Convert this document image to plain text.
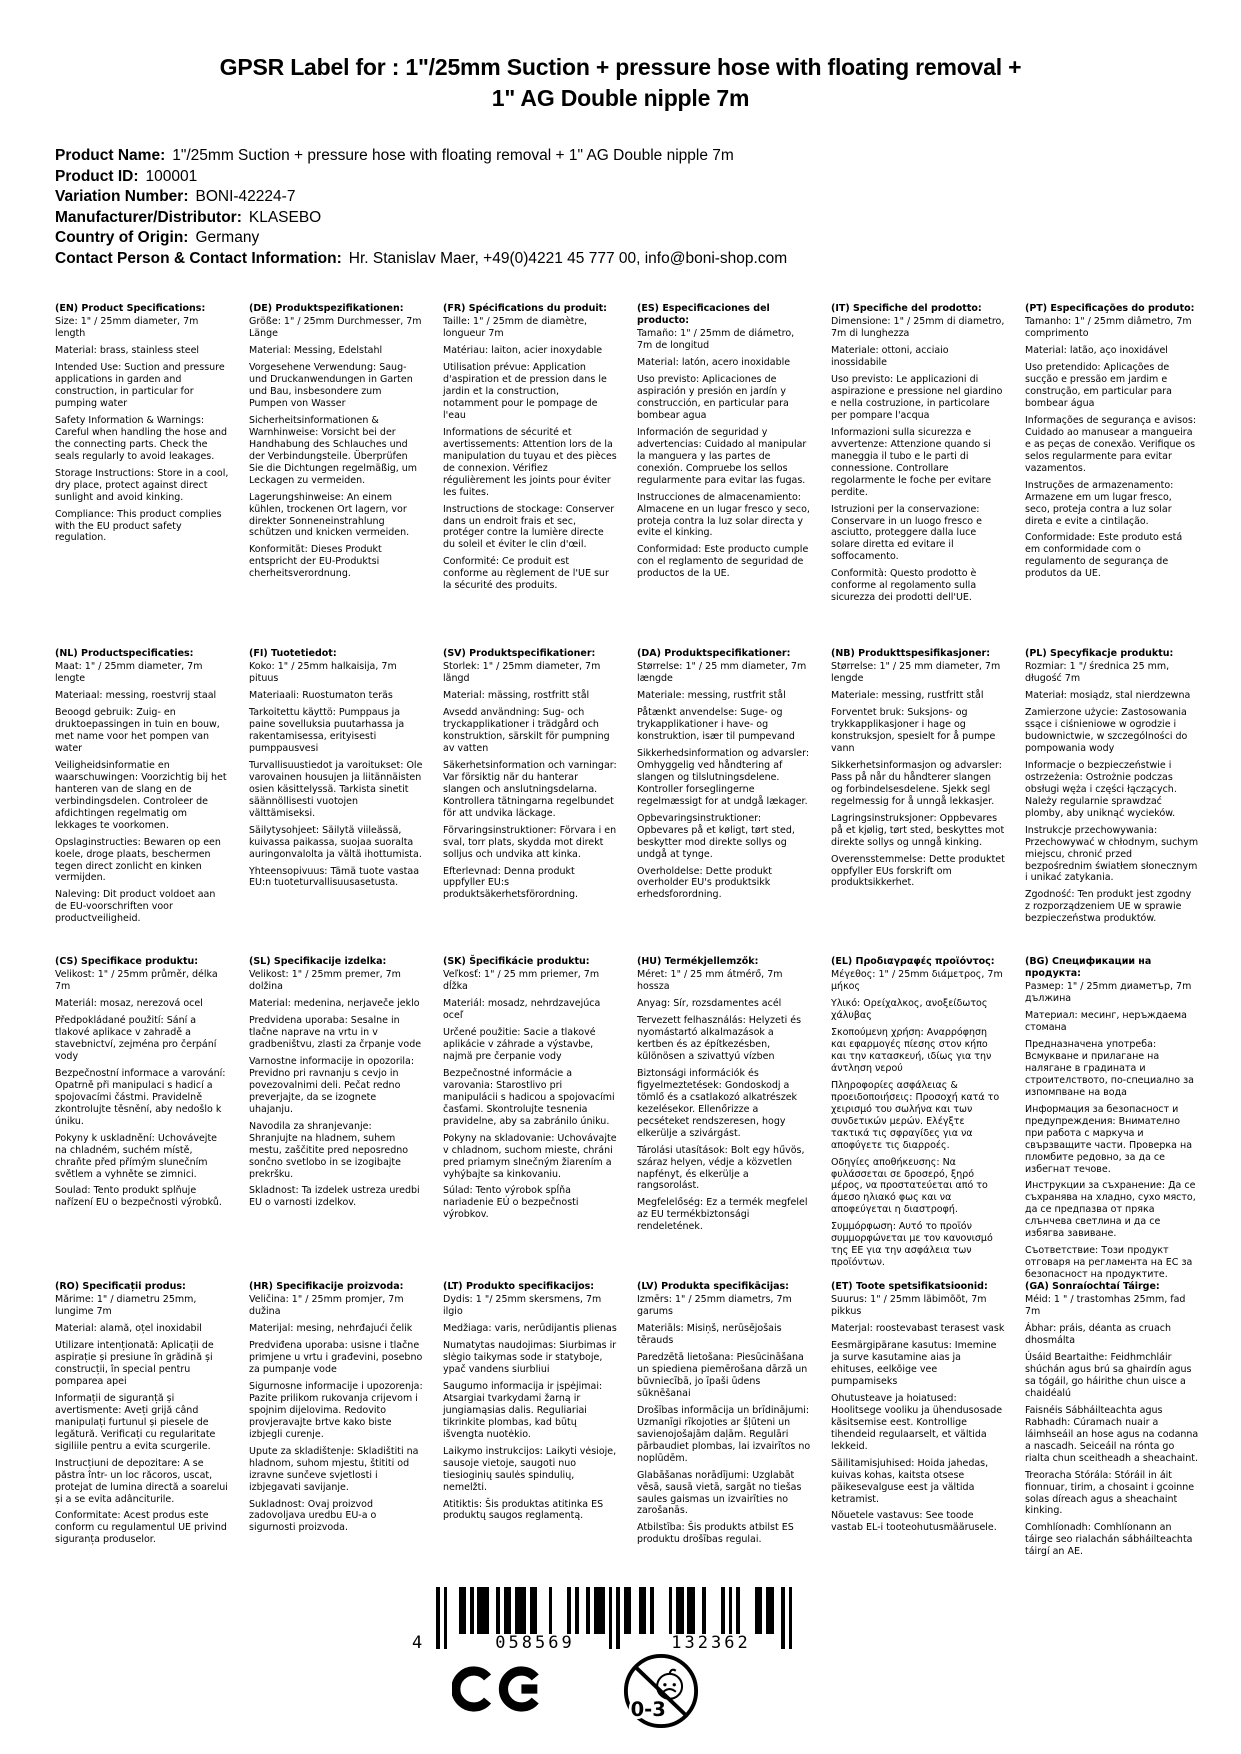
GPSR Label for : 1"/25mm Suction + pressure hose with floating removal + 1" AG Double nipple 7m
Product Name: 1"/25mm Suction + pressure hose with floating removal + 1" AG Double nipple 7m
Product ID: 100001
Variation Number: BONI-42224-7
Manufacturer/Distributor: KLASEBO
Country of Origin: Germany
Contact Person & Contact Information: Hr. Stanislav Maer, +49(0)4221 45 777 00, info@boni-shop.com

(EN) Product Specifications:

Size: 1" / 25mm diameter, 7m length

Material: brass, stainless steel

Intended Use: Suction and pressure applications in garden and construction, in particular for pumping water

Safety Information & Warnings: Careful when handling the hose and the connecting parts. Check the seals regularly to avoid leakages.

Storage Instructions: Store in a cool, dry place, protect against direct sunlight and avoid kinking.

Compliance: This product complies with the EU product safety regulation.

(DE) Produktspezifikationen:

Größe: 1" / 25mm Durchmesser, 7m Länge

Material: Messing, Edelstahl

Vorgesehene Verwendung: Saug- und Druckanwendungen in Garten und Bau, insbesondere zum Pumpen von Wasser

Sicherheitsinformationen & Warnhinweise: Vorsicht bei der Handhabung des Schlauches und der Verbindungsteile. Überprüfen Sie die Dichtungen regelmäßig, um Leckagen zu vermeiden.

Lagerungshinweise: An einem kühlen, trockenen Ort lagern, vor direkter Sonneneinstrahlung schützen und knicken vermeiden.

Konformität: Dieses Produkt entspricht der EU-Produktsi cherheitsverordnung.

(FR) Spécifications du produit:

Taille: 1" / 25mm de diamètre, longueur 7m

Matériau: laiton, acier inoxydable

Utilisation prévue: Application d'aspiration et de pression dans le jardin et la construction, notamment pour le pompage de l'eau

Informations de sécurité et avertissements: Attention lors de la manipulation du tuyau et des pièces de connexion. Vérifiez régulièrement les joints pour éviter les fuites.

Instructions de stockage: Conserver dans un endroit frais et sec, protéger contre la lumière directe du soleil et éviter le clin d'œil.

Conformité: Ce produit est conforme au règlement de l'UE sur la sécurité des produits.

(ES) Especificaciones del producto:

Tamaño: 1" / 25mm de diámetro, 7m de longitud

Material: latón, acero inoxidable

Uso previsto: Aplicaciones de aspiración y presión en jardín y construcción, en particular para bombear agua

Información de seguridad y advertencias: Cuidado al manipular la manguera y las partes de conexión. Compruebe los sellos regularmente para evitar las fugas.

Instrucciones de almacenamiento: Almacene en un lugar fresco y seco, proteja contra la luz solar directa y evite el kinking.

Conformidad: Este producto cumple con el reglamento de seguridad de productos de la UE.

(IT) Specifiche del prodotto:

Dimensione: 1" / 25mm di diametro, 7m di lunghezza

Materiale: ottoni, acciaio inossidabile

Uso previsto: Le applicazioni di aspirazione e pressione nel giardino e nella costruzione, in particolare per pompare l'acqua

Informazioni sulla sicurezza e avvertenze: Attenzione quando si maneggia il tubo e le parti di connessione. Controllare regolarmente le foche per evitare perdite.

Istruzioni per la conservazione: Conservare in un luogo fresco e asciutto, proteggere dalla luce solare diretta ed evitare il soffocamento.

Conformità: Questo prodotto è conforme al regolamento sulla sicurezza dei prodotti dell'UE.

(PT) Especificações do produto:

Tamanho: 1" / 25mm diâmetro, 7m comprimento

Material: latão, aço inoxidável

Uso pretendido: Aplicações de sucção e pressão em jardim e construção, em particular para bombear água

Informações de segurança e avisos: Cuidado ao manusear a mangueira e as peças de conexão. Verifique os selos regularmente para evitar vazamentos.

Instruções de armazenamento: Armazene em um lugar fresco, seco, proteja contra a luz solar direta e evite a cintilação.

Conformidade: Este produto está em conformidade com o regulamento de segurança de produtos da UE.

(NL) Productspecificaties:

Maat: 1" / 25mm diameter, 7m lengte

Materiaal: messing, roestvrij staal

Beoogd gebruik: Zuig- en druktoepassingen in tuin en bouw, met name voor het pompen van water

Veiligheidsinformatie en waarschuwingen: Voorzichtig bij het hanteren van de slang en de verbindingsdelen. Controleer de afdichtingen regelmatig om lekkages te voorkomen.

Opslaginstructies: Bewaren op een koele, droge plaats, beschermen tegen direct zonlicht en kinken vermijden.

Naleving: Dit product voldoet aan de EU-voorschriften voor productveiligheid.

(FI) Tuotetiedot:

Koko: 1" / 25mm halkaisija, 7m pituus

Materiaali: Ruostumaton teräs

Tarkoitettu käyttö: Pumppaus ja paine sovelluksia puutarhassa ja rakentamisessa, erityisesti pumppausvesi

Turvallisuustiedot ja varoitukset: Ole varovainen housujen ja liitännäisten osien käsittelyssä. Tarkista sinetit säännöllisesti vuotojen välttämiseksi.

Säilytysohjeet: Säilytä viileässä, kuivassa paikassa, suojaa suoralta auringonvalolta ja vältä ihottumista.

Yhteensopivuus: Tämä tuote vastaa EU:n tuoteturvallisuusasetusta.

(SV) Produktspecifikationer:

Storlek: 1" / 25mm diameter, 7m längd

Material: mässing, rostfritt stål

Avsedd användning: Sug- och tryckapplikationer i trädgård och konstruktion, särskilt för pumpning av vatten

Säkerhetsinformation och varningar: Var försiktig när du hanterar slangen och anslutningsdelarna. Kontrollera tätningarna regelbundet för att undvika läckage.

Förvaringsinstruktioner: Förvara i en sval, torr plats, skydda mot direkt solljus och undvika att kinka.

Efterlevnad: Denna produkt uppfyller EU:s produktsäkerhetsförordning.

(DA) Produktspecifikationer:

Størrelse: 1" / 25 mm diameter, 7m længde

Materiale: messing, rustfrit stål

Påtænkt anvendelse: Suge- og trykapplikationer i have- og konstruktion, især til pumpevand

Sikkerhedsinformation og advarsler: Omhyggelig ved håndtering af slangen og tilslutningsdelene. Kontroller forseglingerne regelmæssigt for at undgå lækager.

Opbevaringsinstruktioner: Opbevares på et køligt, tørt sted, beskytter mod direkte sollys og undgå at tynge.

Overholdelse: Dette produkt overholder EU's produktsikk erhedsforordning.

(NB) Produkttspesifikasjoner:

Størrelse: 1" / 25 mm diameter, 7m lengde

Materiale: messing, rustfritt stål

Forventet bruk: Suksjons- og trykkapplikasjoner i hage og konstruksjon, spesielt for å pumpe vann

Sikkerhetsinformasjon og advarsler: Pass på når du håndterer slangen og forbindelsesdelene. Sjekk segl regelmessig for å unngå lekkasjer.

Lagringsinstruksjoner: Oppbevares på et kjølig, tørt sted, beskyttes mot direkte sollys og unngå kinking.

Overensstemmelse: Dette produktet oppfyller EUs forskrift om produktsikkerhet.

(PL) Specyfikacje produktu:

Rozmiar: 1 "/ średnica 25 mm, długość 7m

Materiał: mosiądz, stal nierdzewna

Zamierzone użycie: Zastosowania ssące i ciśnieniowe w ogrodzie i budownictwie, w szczególności do pompowania wody

Informacje o bezpieczeństwie i ostrzeżenia: Ostrożnie podczas obsługi węża i części łączących. Należy regularnie sprawdzać plomby, aby uniknąć wycieków.

Instrukcje przechowywania: Przechowywać w chłodnym, suchym miejscu, chronić przed bezpośrednim światłem słonecznym i unikać zatykania.

Zgodność: Ten produkt jest zgodny z rozporządzeniem UE w sprawie bezpieczeństwa produktów.

(CS) Specifikace produktu:

Velikost: 1" / 25mm průměr, délka 7m

Materiál: mosaz, nerezová ocel

Předpokládané použití: Sání a tlakové aplikace v zahradě a stavebnictví, zejména pro čerpání vody

Bezpečnostní informace a varování: Opatrně při manipulaci s hadicí a spojovacími částmi. Pravidelně zkontrolujte těsnění, aby nedošlo k úniku.

Pokyny k uskladnění: Uchovávejte na chladném, suchém místě, chraňte před přímým slunečním světlem a vyhněte se zimnici.

Soulad: Tento produkt splňuje nařízení EU o bezpečnosti výrobků.

(SL) Specifikacije izdelka:

Velikost: 1" / 25mm premer, 7m dolžina

Material: medenina, nerjaveče jeklo

Predvidena uporaba: Sesalne in tlačne naprave na vrtu in v gradbeništvu, zlasti za črpanje vode

Varnostne informacije in opozorila: Previdno pri ravnanju s cevjo in povezovalnimi deli. Pečat redno preverjajte, da se izognete uhajanju.

Navodila za shranjevanje: Shranjujte na hladnem, suhem mestu, zaščitite pred neposredno sončno svetlobo in se izogibajte prekršku.

Skladnost: Ta izdelek ustreza uredbi EU o varnosti izdelkov.

(SK) Špecifikácie produktu:

Veľkosť: 1" / 25 mm priemer, 7m dĺžka

Materiál: mosadz, nehrdzavejúca oceľ

Určené použitie: Sacie a tlakové aplikácie v záhrade a výstavbe, najmä pre čerpanie vody

Bezpečnostné informácie a varovania: Starostlivo pri manipulácii s hadicou a spojovacími časťami. Skontrolujte tesnenia pravidelne, aby sa zabránilo úniku.

Pokyny na skladovanie: Uchovávajte v chladnom, suchom mieste, chráni pred priamym slnečným žiarením a vyhýbajte sa kinkovaniu.

Súlad: Tento výrobok spĺňa nariadenie EÚ o bezpečnosti výrobkov.

(HU) Termékjellemzők:

Méret: 1" / 25 mm átmérő, 7m hossza

Anyag: Sír, rozsdamentes acél

Tervezett felhasználás: Helyzeti és nyomástartó alkalmazások a kertben és az építkezésben, különösen a szivattyú vízben

Biztonsági információk és figyelmeztetések: Gondoskodj a tömlő és a csatlakozó alkatrészek kezelésekor. Ellenőrizze a pecséteket rendszeresen, hogy elkerülje a szivárgást.

Tárolási utasítások: Bolt egy hűvös, száraz helyen, védje a közvetlen napfényt, és elkerülje a rangsorolást.

Megfelelőség: Ez a termék megfelel az EU termékbiztonsági rendeletének.

(EL) Προδιαγραφές προϊόντος:

Μέγεθος: 1" / 25mm διάμετρος, 7m μήκος

Υλικό: Ορείχαλκος, ανοξείδωτος χάλυβας

Σκοπούμενη χρήση: Αναρρόφηση και εφαρμογές πίεσης στον κήπο και την κατασκευή, ιδίως για την άντληση νερού

Πληροφορίες ασφάλειας & προειδοποιήσεις: Προσοχή κατά το χειρισμό του σωλήνα και των συνδετικών μερών. Ελέγξτε τακτικά τις σφραγίδες για να αποφύγετε τις διαρροές.

Οδηγίες αποθήκευσης: Να φυλάσσεται σε δροσερό, ξηρό μέρος, να προστατεύεται από το άμεσο ηλιακό φως και να αποφεύγεται η διαστροφή.

Συμμόρφωση: Αυτό το προϊόν συμμορφώνεται με τον κανονισμό της ΕΕ για την ασφάλεια των προϊόντων.

(BG) Спецификации на продукта:

Размер: 1" / 25mm диаметър, 7m дължина

Материал: месинг, неръждаема стомана

Предназначена употреба: Всмукване и прилагане на налягане в градината и строителството, по-специално за изпомпване на вода

Информация за безопасност и предупреждения: Внимателно при работа с маркуча и свързващите части. Проверка на пломбите редовно, за да се избегнат течове.

Инструкции за съхранение: Да се съхранява на хладно, сухо място, да се предпазва от пряка слънчева светлина и да се избягва завиване.

Съответствие: Този продукт отговаря на регламента на ЕС за безопасност на продуктите.

(RO) Specificații produs:

Mărime: 1" / diametru 25mm, lungime 7m

Material: alamă, oțel inoxidabil

Utilizare intenționată: Aplicații de aspirație și presiune în grădină și construcții, în special pentru pomparea apei

Informații de siguranță și avertismente: Aveți grijă când manipulați furtunul și piesele de legătură. Verificați cu regularitate sigiliile pentru a evita scurgerile.

Instrucțiuni de depozitare: A se păstra într- un loc răcoros, uscat, protejat de lumina directă a soarelui și a se evita adânciturile.

Conformitate: Acest produs este conform cu regulamentul UE privind siguranța produselor.

(HR) Specifikacije proizvoda:

Veličina: 1" / 25mm promjer, 7m dužina

Materijal: mesing, nehrđajući čelik

Predviđena uporaba: usisne i tlačne primjene u vrtu i građevini, posebno za pumpanje vode

Sigurnosne informacije i upozorenja: Pazite prilikom rukovanja crijevom i spojnim dijelovima. Redovito provjeravajte brtve kako biste izbjegli curenje.

Upute za skladištenje: Skladištiti na hladnom, suhom mjestu, štititi od izravne sunčeve svjetlosti i izbjegavati savijanje.

Sukladnost: Ovaj proizvod zadovoljava uredbu EU-a o sigurnosti proizvoda.

(LT) Produkto specifikacijos:

Dydis: 1 "/ 25mm skersmens, 7m ilgio

Medžiaga: varis, nerūdijantis plienas

Numatytas naudojimas: Siurbimas ir slėgio taikymas sode ir statyboje, ypač vandens siurbliui

Saugumo informacija ir įspėjimai: Atsargiai tvarkydami žarną ir jungiamąsias dalis. Reguliariai tikrinkite plombas, kad būtų išvengta nuotėkio.

Laikymo instrukcijos: Laikyti vėsioje, sausoje vietoje, saugoti nuo tiesioginių saulės spindulių, nemelžti.

Atitiktis: Šis produktas atitinka ES produktų saugos reglamentą.

(LV) Produkta specifikācijas:

Izmērs: 1" / 25mm diametrs, 7m garums

Materiāls: Misiņš, nerūsējošais tērauds

Paredzētā lietošana: Piesūcināšana un spiediena piemērošana dārzā un būvniecībā, jo īpaši ūdens sūknēšanai

Drošības informācija un brīdinājumi: Uzmanīgi rīkojoties ar šļūteni un savienojošajām daļām. Regulāri pārbaudiet plombas, lai izvairītos no noplūdēm.

Glabāšanas norādījumi: Uzglabāt vēsā, sausā vietā, sargāt no tiešas saules gaismas un izvairīties no zarošanās.

Atbilstība: Šis produkts atbilst ES produktu drošības regulai.

(ET) Toote spetsifikatsioonid:

Suurus: 1" / 25mm läbimõõt, 7m pikkus

Materjal: roostevabast terasest vask

Eesmärgipärane kasutus: Imemine ja surve kasutamine aias ja ehituses, eelkõige vee pumpamiseks

Ohutusteave ja hoiatused: Hoolitsege vooliku ja ühendusosade käsitsemise eest. Kontrollige tihendeid regulaarselt, et vältida lekkeid.

Säilitamisjuhised: Hoida jahedas, kuivas kohas, kaitsta otsese päikesevalguse eest ja vältida ketramist.

Nõuetele vastavus: See toode vastab EL-i tooteohutusmäärusele.

(GA) Sonraíochtaí Táirge:

Méid: 1 " / trastomhas 25mm, fad 7m

Ábhar: práis, déanta as cruach dhosmálta

Úsáid Beartaithe: Feidhmchláir shúchán agus brú sa ghairdín agus sa tógáil, go háirithe chun uisce a chaidéalú

Faisnéis Sábháilteachta agus Rabhadh: Cúramach nuair a láimhseáil an hose agus na codanna a nascadh. Seiceáil na rónta go rialta chun sceitheadh a sheachaint.

Treoracha Stórála: Stóráil in áit fionnuar, tirim, a chosaint i gcoinne solas díreach agus a sheachaint kinking.

Comhlíonadh: Comhlíonann an táirge seo rialachán sábháilteachta táirgí an AE.

4	058569	132362
0-3
